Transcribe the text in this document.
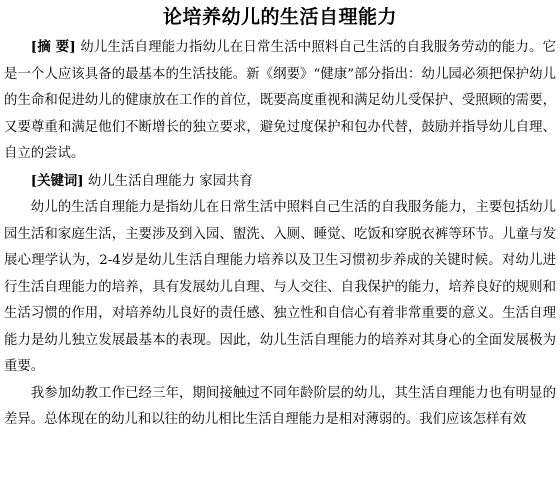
论培养幼儿的生活自理能力

[摘 要] 幼儿生活自理能力指幼儿在日常生活中照料自己生活的自我服务劳动的能力。它是一个人应该具备的最基本的生活技能。新《纲要》“健康”部分指出：幼儿园必须把保护幼儿的生命和促进幼儿的健康放在工作的首位，既要高度重视和满足幼儿受保护、受照顾的需要，又要尊重和满足他们不断增长的独立要求，避免过度保护和包办代替，鼓励并指导幼儿自理、自立的尝试。

[关键词] 幼儿生活自理能力 家园共育

幼儿的生活自理能力是指幼儿在日常生活中照料自己生活的自我服务能力，主要包括幼儿园生活和家庭生活，主要涉及到入园、盥洗、入厕、睡觉、吃饭和穿脱衣裤等环节。儿童与发展心理学认为，2-4岁是幼儿生活自理能力培养以及卫生习惯初步养成的关键时候。对幼儿进行生活自理能力的培养，具有发展幼儿自理、与人交往、自我保护的能力，培养良好的规则和生活习惯的作用，对培养幼儿良好的责任感、独立性和自信心有着非常重要的意义。生活自理能力是幼儿独立发展最基本的表现。因此，幼儿生活自理能力的培养对其身心的全面发展极为重要。

我参加幼教工作已经三年，期间接触过不同年龄阶层的幼儿，其生活自理能力也有明显的差异。总体现在的幼儿和以往的幼儿相比生活自理能力是相对薄弱的。我们应该怎样有效
